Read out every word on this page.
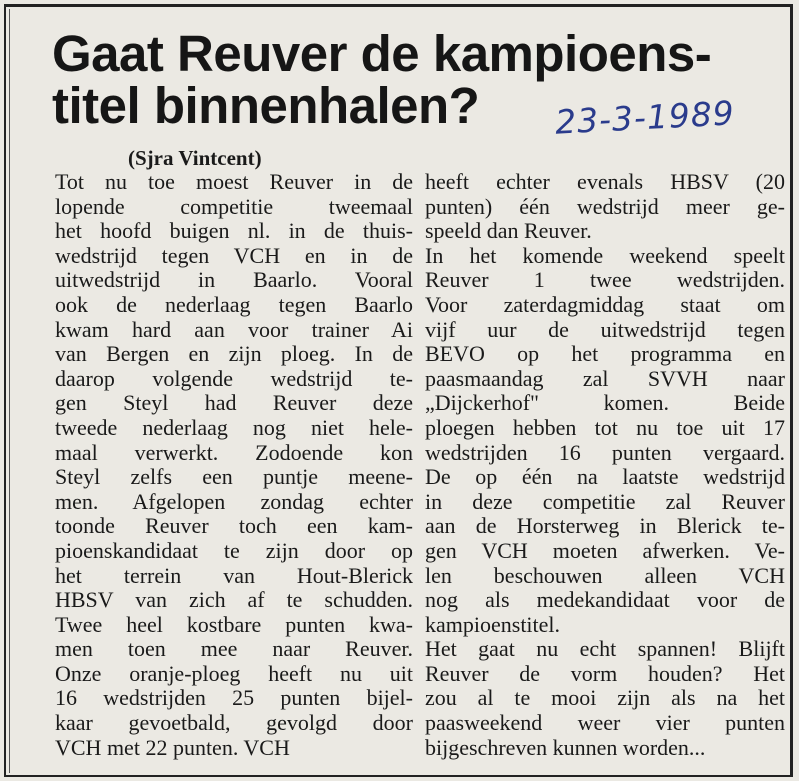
Gaat Reuver de kampioens-
titel binnenhalen?	23-3-1989
(Sjra Vintcent)
Tot nu toe moest Reuver in de
lopende competitie tweemaal
het hoofd buigen nl. in de thuis-
wedstrijd tegen VCH en in de
uitwedstrijd in Baarlo. Vooral
ook de nederlaag tegen Baarlo
kwam hard aan voor trainer Ai
van Bergen en zijn ploeg. In de
daarop volgende wedstrijd te-
gen Steyl had Reuver deze
tweede nederlaag nog niet hele-
maal verwerkt. Zodoende kon
Steyl zelfs een puntje meene-
men. Afgelopen zondag echter
toonde Reuver toch een kam-
pioenskandidaat te zijn door op
het terrein van Hout-Blerick
HBSV van zich af te schudden.
Twee heel kostbare punten kwa-
men toen mee naar Reuver.
Onze oranje-ploeg heeft nu uit
16 wedstrijden 25 punten bijel-
kaar gevoetbald, gevolgd door
VCH met 22 punten. VCH
heeft echter evenals HBSV (20
punten) één wedstrijd meer ge-
speeld dan Reuver.
In het komende weekend speelt
Reuver 1 twee wedstrijden.
Voor zaterdagmiddag staat om
vijf uur de uitwedstrijd tegen
BEVO op het programma en
paasmaandag zal SVVH naar
„Dijckerhof" komen. Beide
ploegen hebben tot nu toe uit 17
wedstrijden 16 punten vergaard.
De op één na laatste wedstrijd
in deze competitie zal Reuver
aan de Horsterweg in Blerick te-
gen VCH moeten afwerken. Ve-
len beschouwen alleen VCH
nog als medekandidaat voor de
kampioenstitel.
Het gaat nu echt spannen! Blijft
Reuver de vorm houden? Het
zou al te mooi zijn als na het
paasweekend weer vier punten
bijgeschreven kunnen worden...
